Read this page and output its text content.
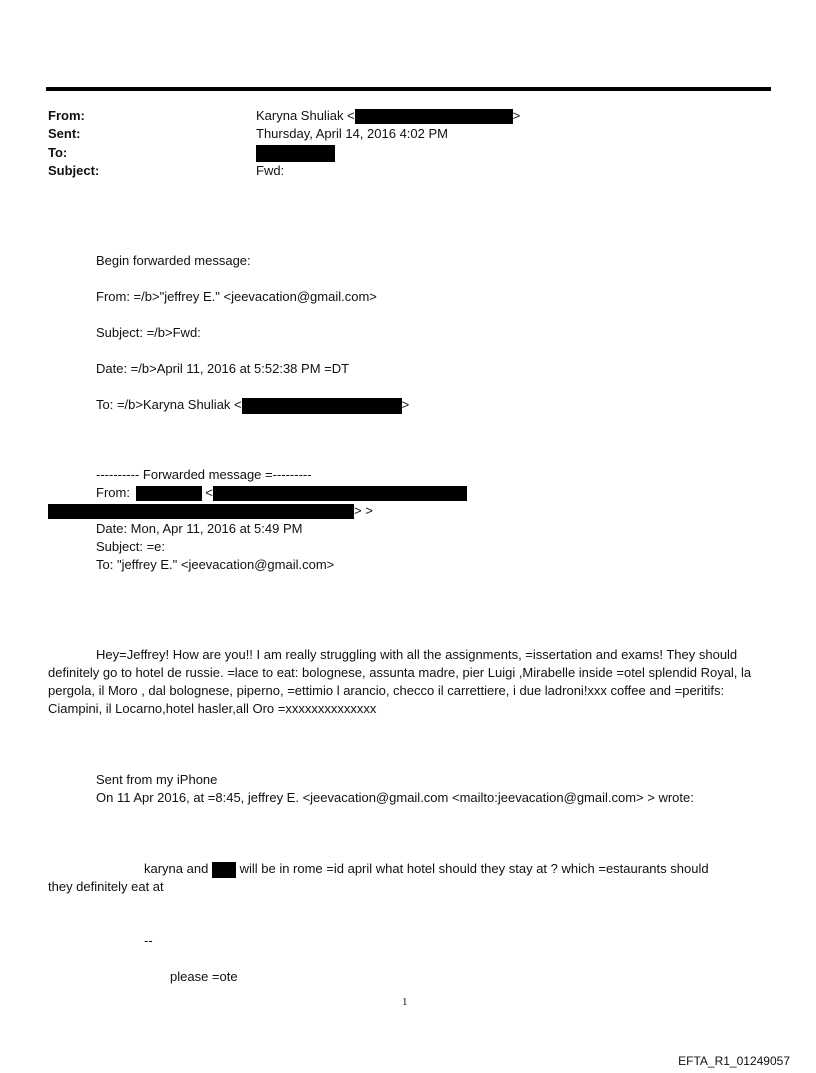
From:	Karyna Shuliak <	>
Sent:	Thursday, April 14, 2016 4:02 PM
To:
Subject:	Fwd:
Begin forwarded message:
From: =/b>"jeffrey E." <jeevacation@gmail.com>
Subject: =/b>Fwd:
Date: =/b>April 11, 2016 at 5:52:38 PM =DT
To: =/b>Karyna Shuliak <	>
---------- Forwarded message =---------
From:	<
> >
Date: Mon, Apr 11, 2016 at 5:49 PM
Subject: =e:
To: "jeffrey E." <jeevacation@gmail.com>
Hey=Jeffrey! How are you!! I am really struggling with all the assignments, =issertation and exams! They should definitely go to hotel de russie. =lace to eat: bolognese, assunta madre, pier Luigi ,Mirabelle inside =otel splendid Royal, la pergola, il Moro , dal bolognese, piperno, =ettimio l arancio, checco il carrettiere, i due ladroni!xxx coffee and =peritifs: Ciampini, il Locarno,hotel hasler,all Oro =xxxxxxxxxxxxxx
Sent from my iPhone
On 11 Apr 2016, at =8:45, jeffrey E. <jeevacation@gmail.com <mailto:jeevacation@gmail.com> > wrote:
karyna and will be in rome =id april what hotel should they stay at ? which =estaurants should
they definitely eat at
--
please =ote
1
EFTA_R1_01249057
